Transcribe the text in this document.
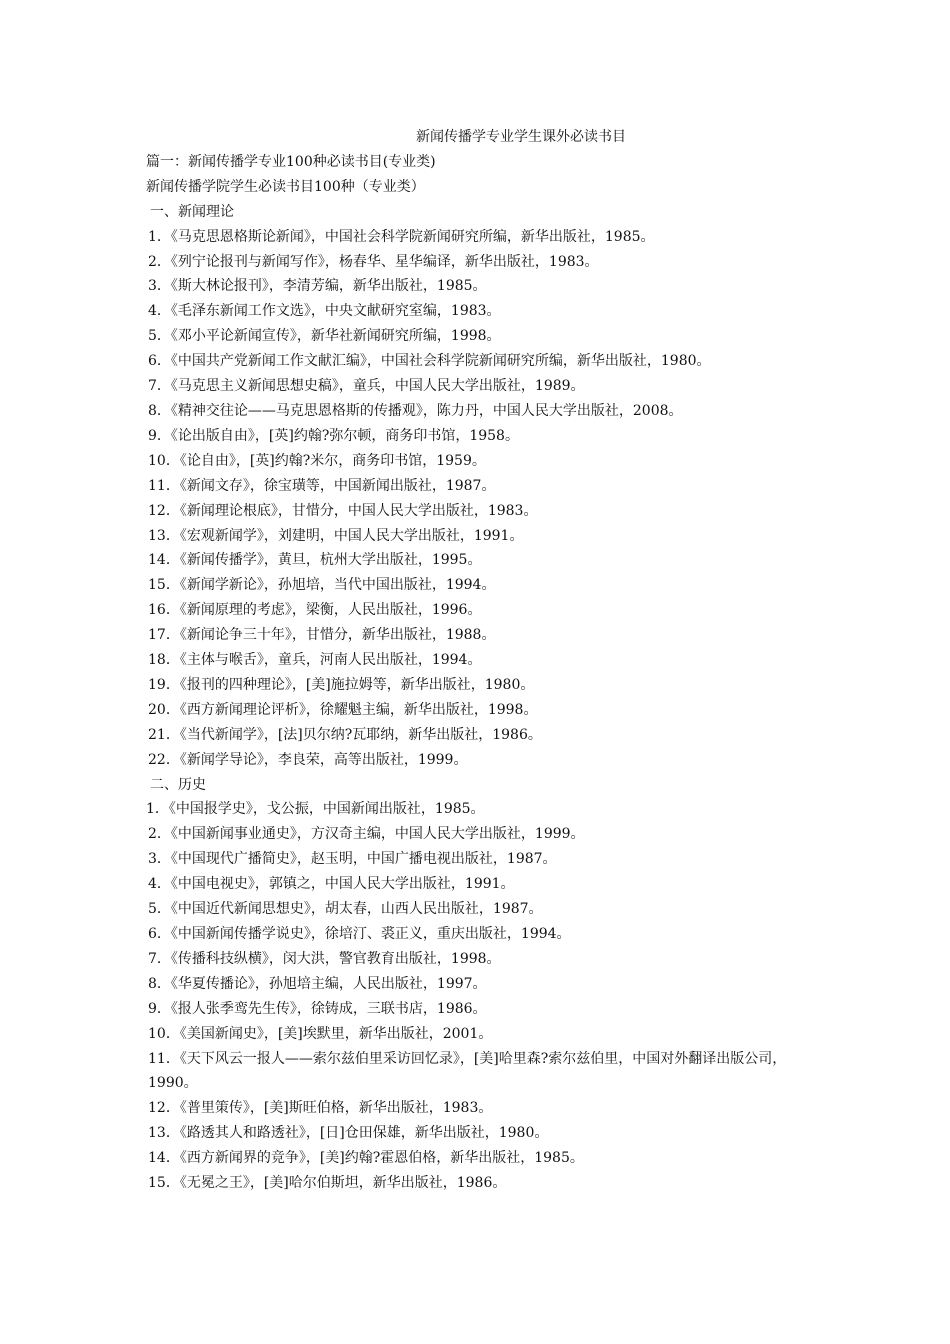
新闻传播学专业学生课外必读书目
篇一：新闻传播学专业100种必读书目(专业类)
新闻传播学院学生必读书目100种（专业类）
一、新闻理论
1．《马克思恩格斯论新闻》，中国社会科学院新闻研究所编，新华出版社，1985。
2．《列宁论报刊与新闻写作》，杨春华、星华编译，新华出版社，1983。
3．《斯大林论报刊》，李清芳编，新华出版社，1985。
4．《毛泽东新闻工作文选》，中央文献研究室编，1983。
5．《邓小平论新闻宣传》，新华社新闻研究所编，1998。
6．《中国共产党新闻工作文献汇编》，中国社会科学院新闻研究所编，新华出版社，1980。
7．《马克思主义新闻思想史稿》，童兵，中国人民大学出版社，1989。
8．《精神交往论——马克思恩格斯的传播观》，陈力丹，中国人民大学出版社，2008。
9．《论出版自由》，[英]约翰?弥尔顿，商务印书馆，1958。
10．《论自由》，[英]约翰?米尔，商务印书馆，1959。
11．《新闻文存》，徐宝璜等，中国新闻出版社，1987。
12．《新闻理论根底》，甘惜分，中国人民大学出版社，1983。
13．《宏观新闻学》，刘建明，中国人民大学出版社，1991。
14．《新闻传播学》，黄旦，杭州大学出版社，1995。
15．《新闻学新论》，孙旭培，当代中国出版社，1994。
16．《新闻原理的考虑》，梁衡，人民出版社，1996。
17．《新闻论争三十年》，甘惜分，新华出版社，1988。
18．《主体与喉舌》，童兵，河南人民出版社，1994。
19．《报刊的四种理论》，[美]施拉姆等，新华出版社，1980。
20．《西方新闻理论评析》，徐耀魁主编，新华出版社，1998。
21．《当代新闻学》，[法]贝尔纳?瓦耶纳，新华出版社，1986。
22．《新闻学导论》，李良荣，高等出版社，1999。
二、历史
1．《中国报学史》，戈公振，中国新闻出版社，1985。
2．《中国新闻事业通史》，方汉奇主编，中国人民大学出版社，1999。
3．《中国现代广播简史》，赵玉明，中国广播电视出版社，1987。
4．《中国电视史》，郭镇之，中国人民大学出版社，1991。
5．《中国近代新闻思想史》，胡太春，山西人民出版社，1987。
6．《中国新闻传播学说史》，徐培汀、裘正义，重庆出版社，1994。
7．《传播科技纵横》，闵大洪，警官教育出版社，1998。
8．《华夏传播论》，孙旭培主编，人民出版社，1997。
9．《报人张季鸾先生传》，徐铸成，三联书店，1986。
10．《美国新闻史》，[美]埃默里，新华出版社，2001。
11．《天下风云一报人——索尔兹伯里采访回忆录》，[美]哈里森?索尔兹伯里，中国对外翻译出版公司，1990。
12．《普里策传》，[美]斯旺伯格，新华出版社，1983。
13．《路透其人和路透社》，[日]仓田保雄，新华出版社，1980。
14．《西方新闻界的竞争》，[美]约翰?霍恩伯格，新华出版社，1985。
15．《无冕之王》，[美]哈尔伯斯坦，新华出版社，1986。
